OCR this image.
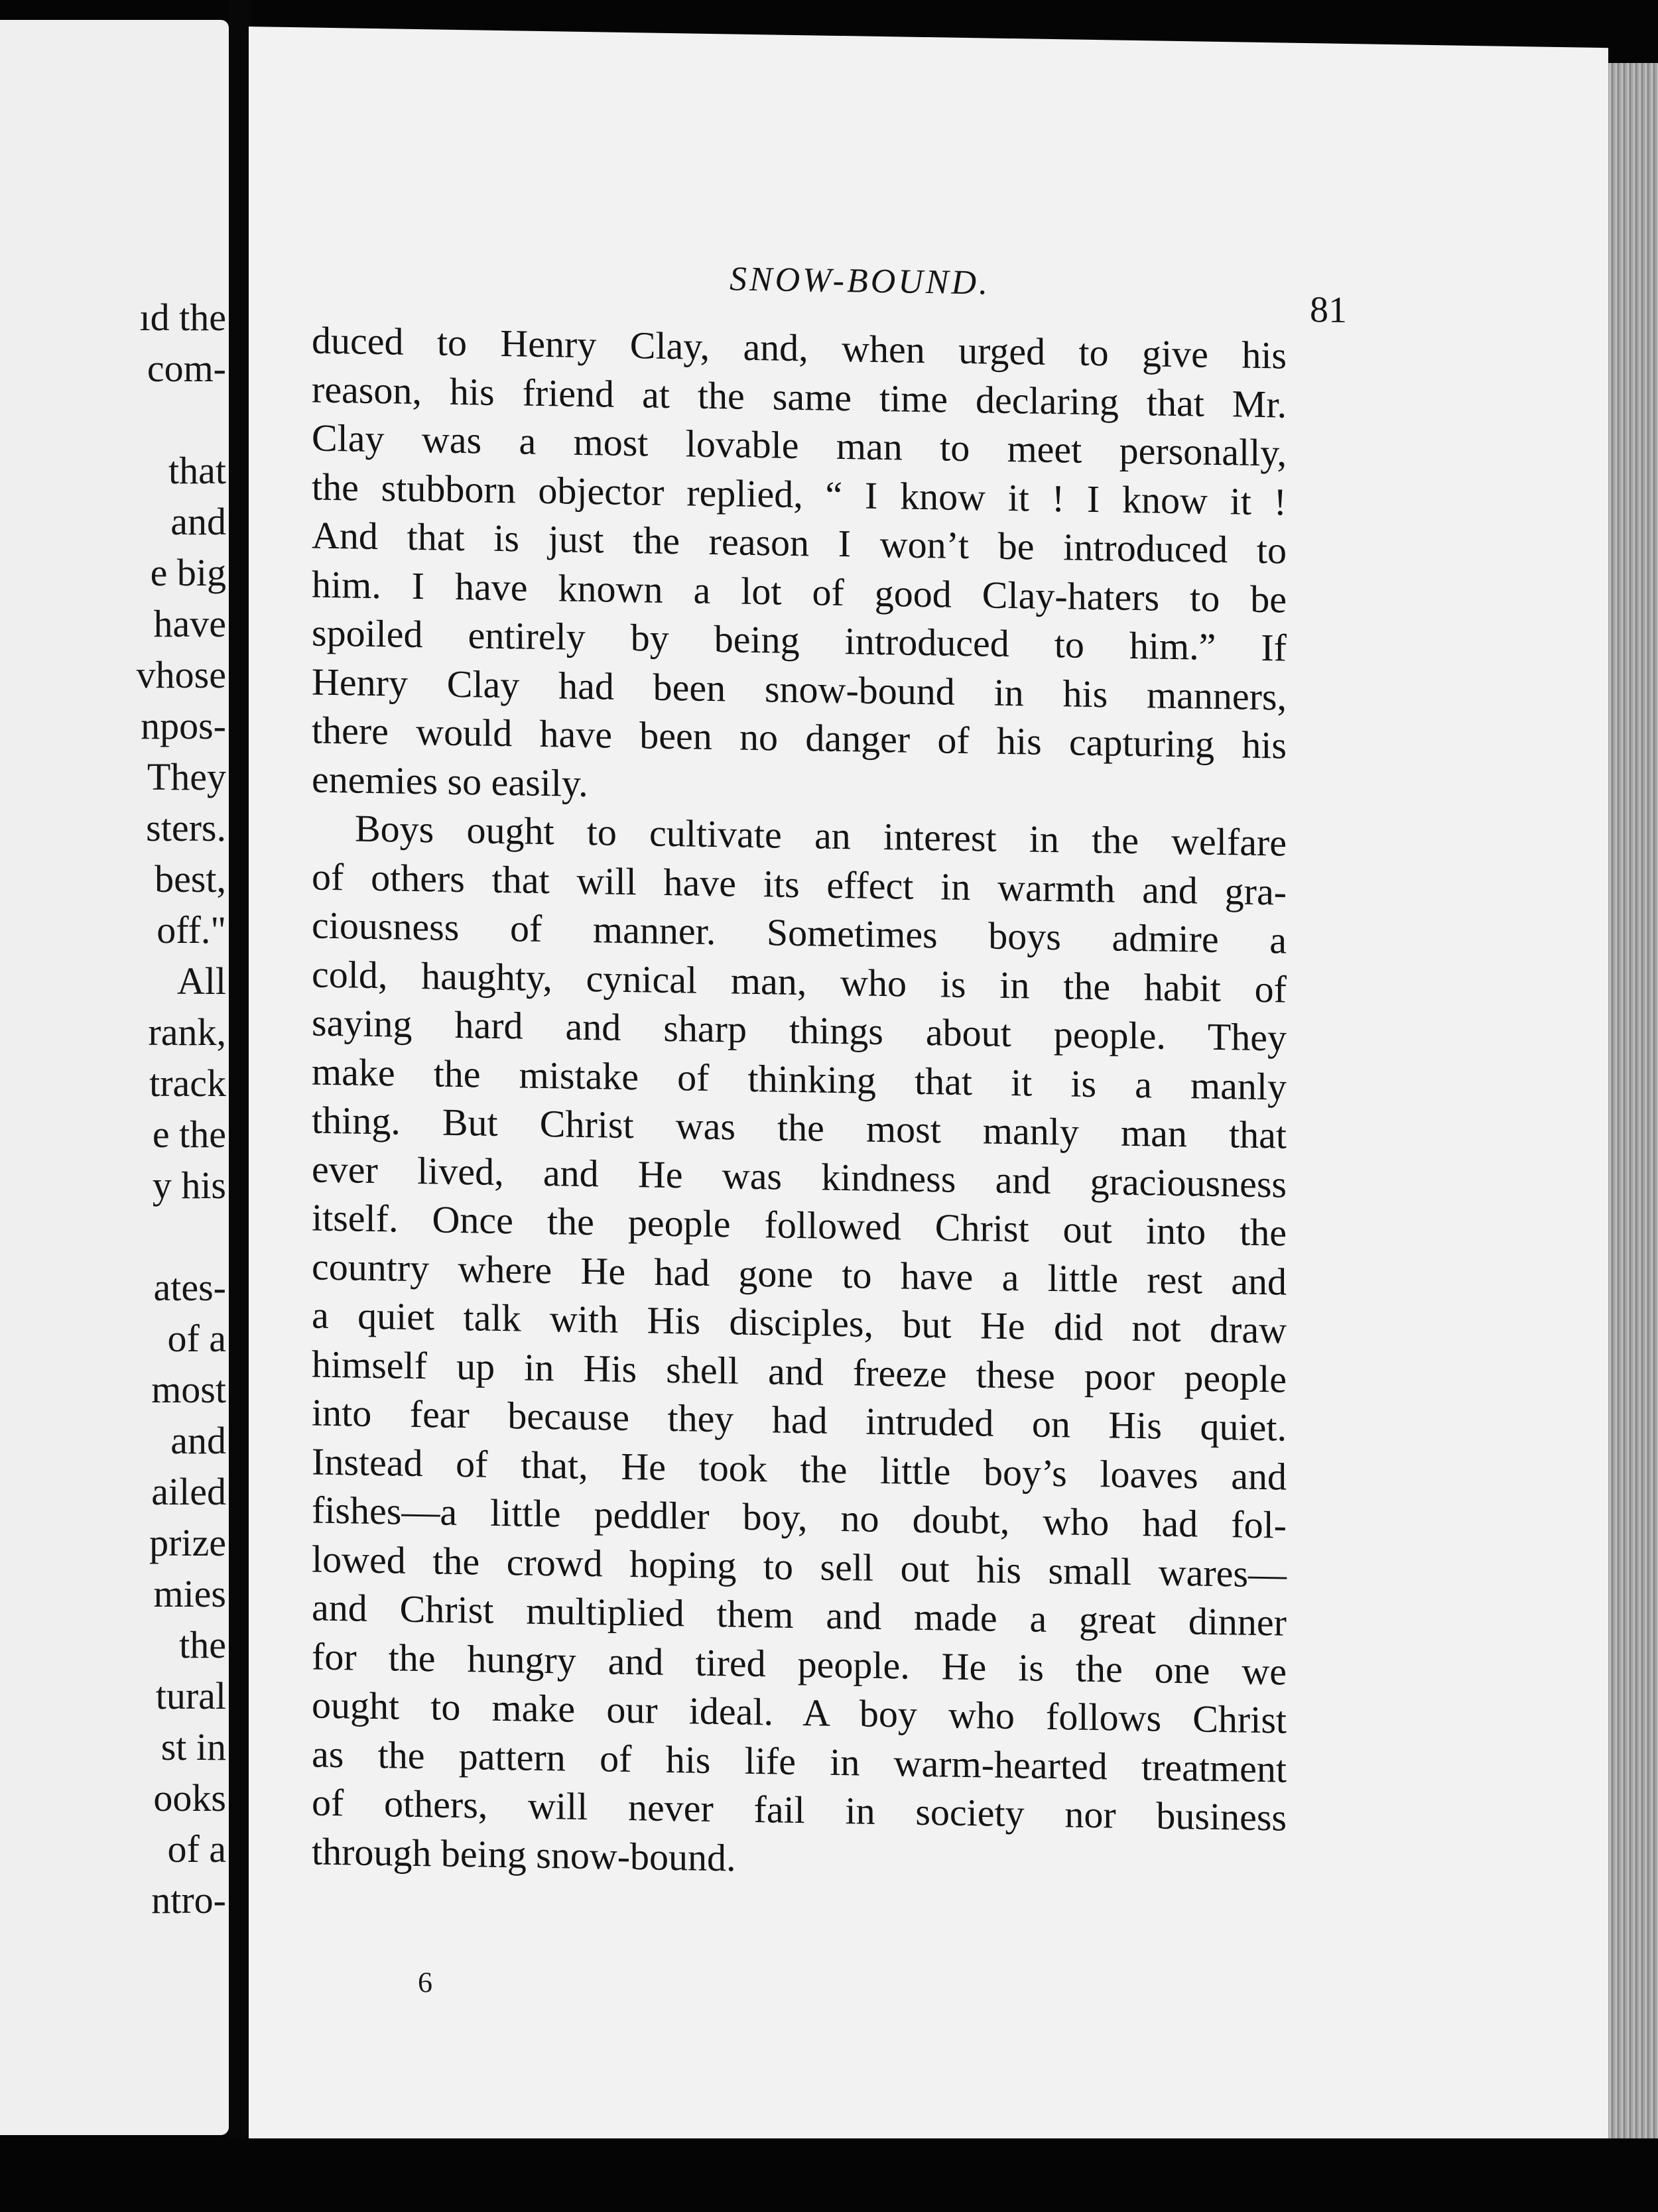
ıd the
com-
that
and
e big
have
vhose
npos-
They
sters.
best,
off."
All
rank,
track
e the
y his
ates-
of a
most
and
ailed
prize
mies
the
tural
st in
ooks
of a
ntro-
SNOW-BOUND.
81
duced to Henry Clay, and, when urged to give his
reason, his friend at the same time declaring that Mr.
Clay was a most lovable man to meet personally,
the stubborn objector replied, “ I know it ! I know it !
And that is just the reason I won’t be introduced to
him. I have known a lot of good Clay-haters to be
spoiled entirely by being introduced to him.” If
Henry Clay had been snow-bound in his manners,
there would have been no danger of his capturing his
enemies so easily.
Boys ought to cultivate an interest in the welfare
of others that will have its effect in warmth and gra-
ciousness of manner. Sometimes boys admire a
cold, haughty, cynical man, who is in the habit of
saying hard and sharp things about people. They
make the mistake of thinking that it is a manly
thing. But Christ was the most manly man that
ever lived, and He was kindness and graciousness
itself. Once the people followed Christ out into the
country where He had gone to have a little rest and
a quiet talk with His disciples, but He did not draw
himself up in His shell and freeze these poor people
into fear because they had intruded on His quiet.
Instead of that, He took the little boy’s loaves and
fishes—a little peddler boy, no doubt, who had fol-
lowed the crowd hoping to sell out his small wares—
and Christ multiplied them and made a great dinner
for the hungry and tired people. He is the one we
ought to make our ideal. A boy who follows Christ
as the pattern of his life in warm-hearted treatment
of others, will never fail in society nor business
through being snow-bound.
6
